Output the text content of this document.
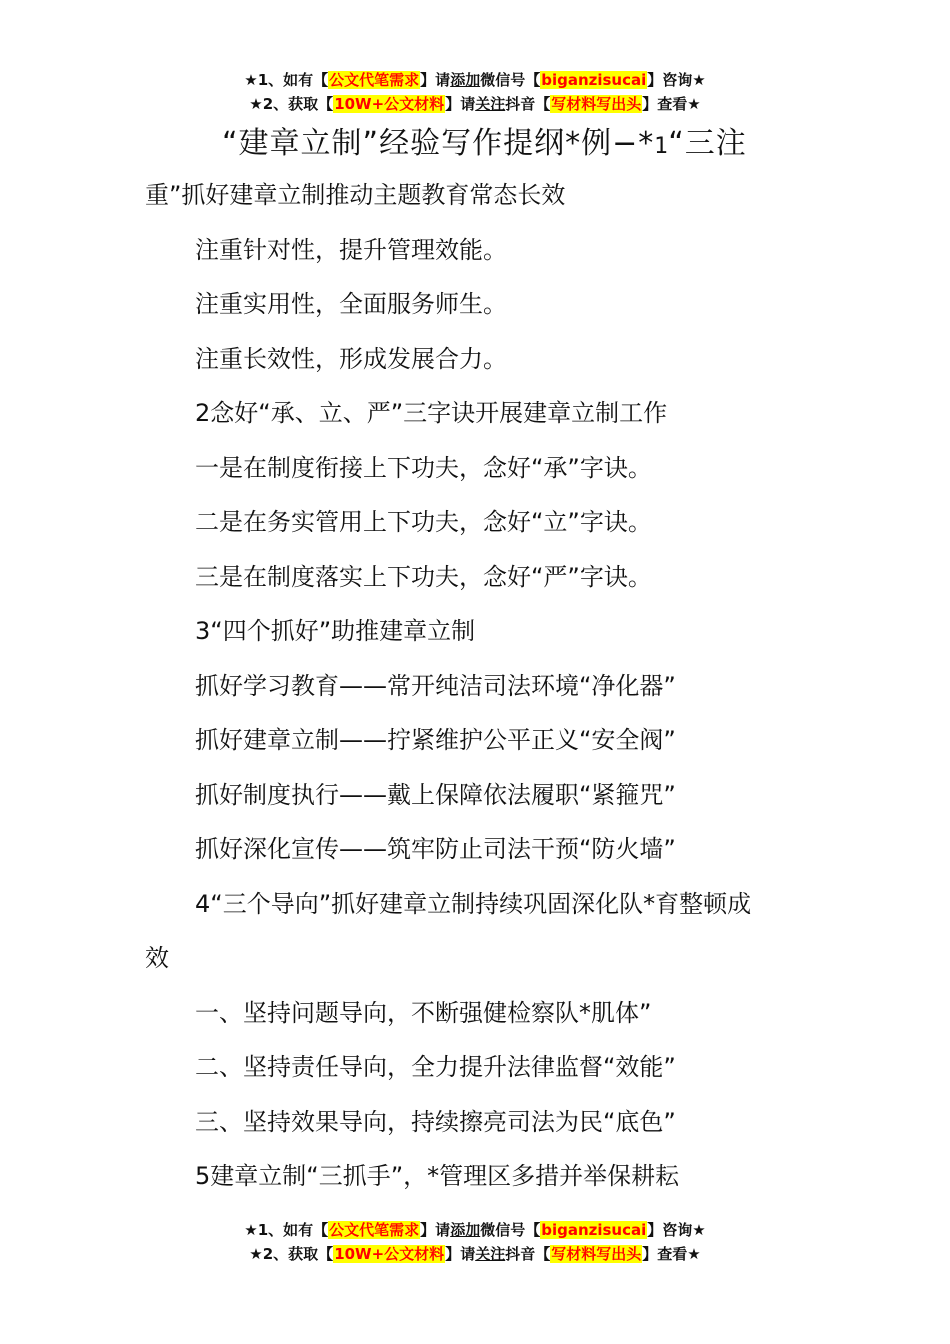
★1、如有【公文代笔需求】请添加微信号【biganzisucai】咨询★
★2、获取【10W+公文材料】请关注抖音【写材料写出头】查看★
“建章立制”经验写作提纲*例−*1“三注
重”抓好建章立制推动主题教育常态长效
注重针对性，提升管理效能。
注重实用性，全面服务师生。
注重长效性，形成发展合力。
2念好“承、立、严”三字诀开展建章立制工作
一是在制度衔接上下功夫，念好“承”字诀。
二是在务实管用上下功夫，念好“立”字诀。
三是在制度落实上下功夫，念好“严”字诀。
3“四个抓好”助推建章立制
抓好学习教育——常开纯洁司法环境“净化器”
抓好建章立制——拧紧维护公平正义“安全阀”
抓好制度执行——戴上保障依法履职“紧箍咒”
抓好深化宣传——筑牢防止司法干预“防火墙”
4“三个导向”抓好建章立制持续巩固深化队*育整顿成
效
一、坚持问题导向，不断强健检察队*肌体”
二、坚持责任导向，全力提升法律监督“效能”
三、坚持效果导向，持续擦亮司法为民“底色”
5建章立制“三抓手”，*管理区多措并举保耕耘
★1、如有【公文代笔需求】请添加微信号【biganzisucai】咨询★
★2、获取【10W+公文材料】请关注抖音【写材料写出头】查看★
